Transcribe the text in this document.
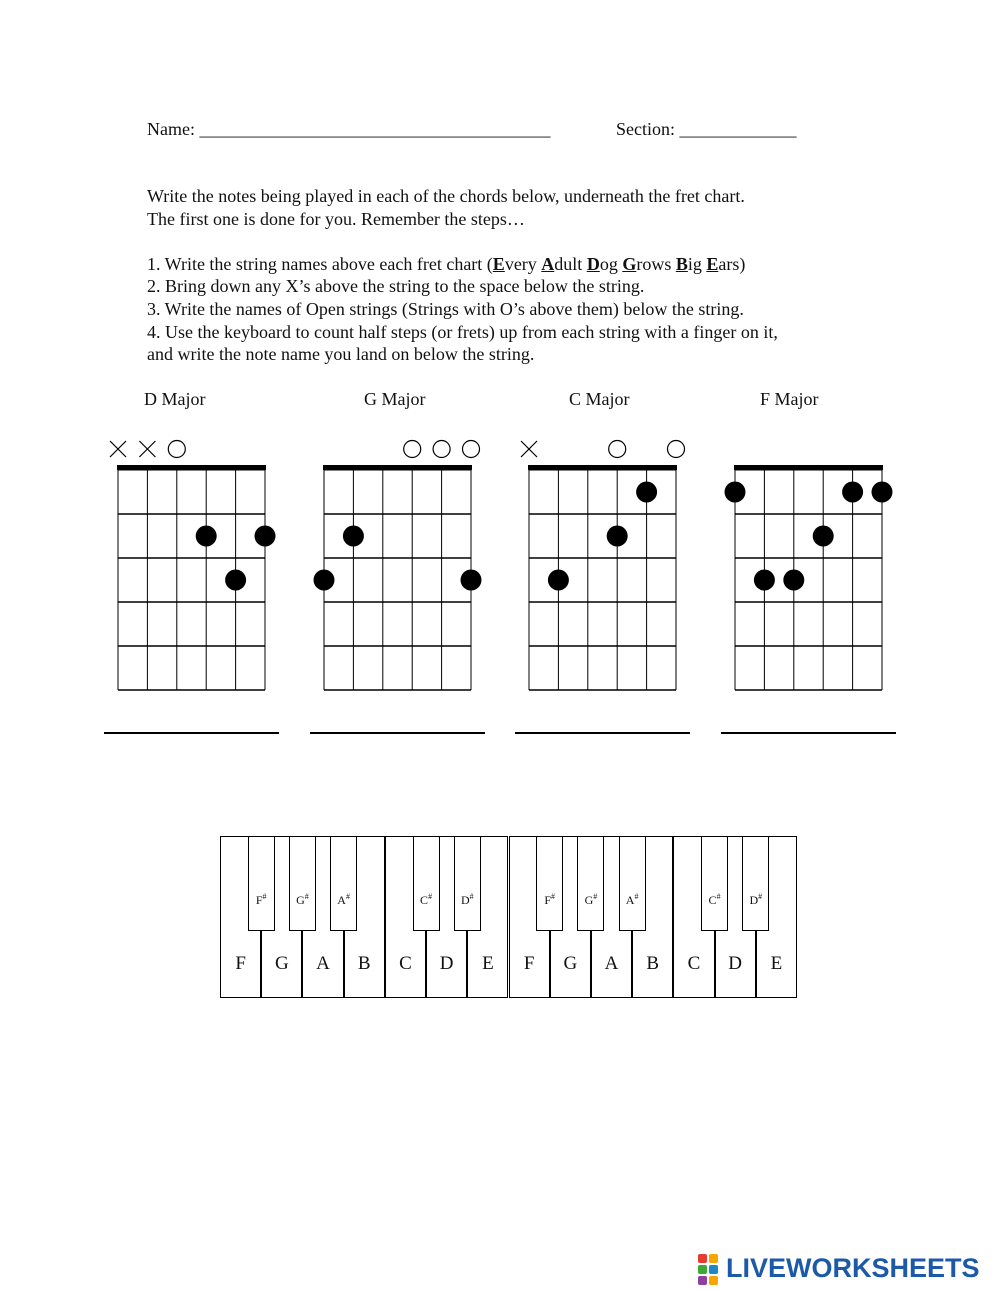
Name: _______________________________________	Section: _____________
Write the notes being played in each of the chords below, underneath the fret chart.
The first one is done for you. Remember the steps…
1. Write the string names above each fret chart (Every Adult Dog Grows Big Ears)
2. Bring down any X’s above the string to the space below the string.
3. Write the names of Open strings (Strings with O’s above them) below the string.
4. Use the keyboard to count half steps (or frets) up from each string with a finger on it,
and write the note name you land on below the string.
D Major	G Major	C Major	F Major
F	G	A	B	C	D	E	F	G	A	B	C	D	E
F#	G#	A#	C#	D#	F#	G#	A#	C#	D#
LIVEWORKSHEETS
